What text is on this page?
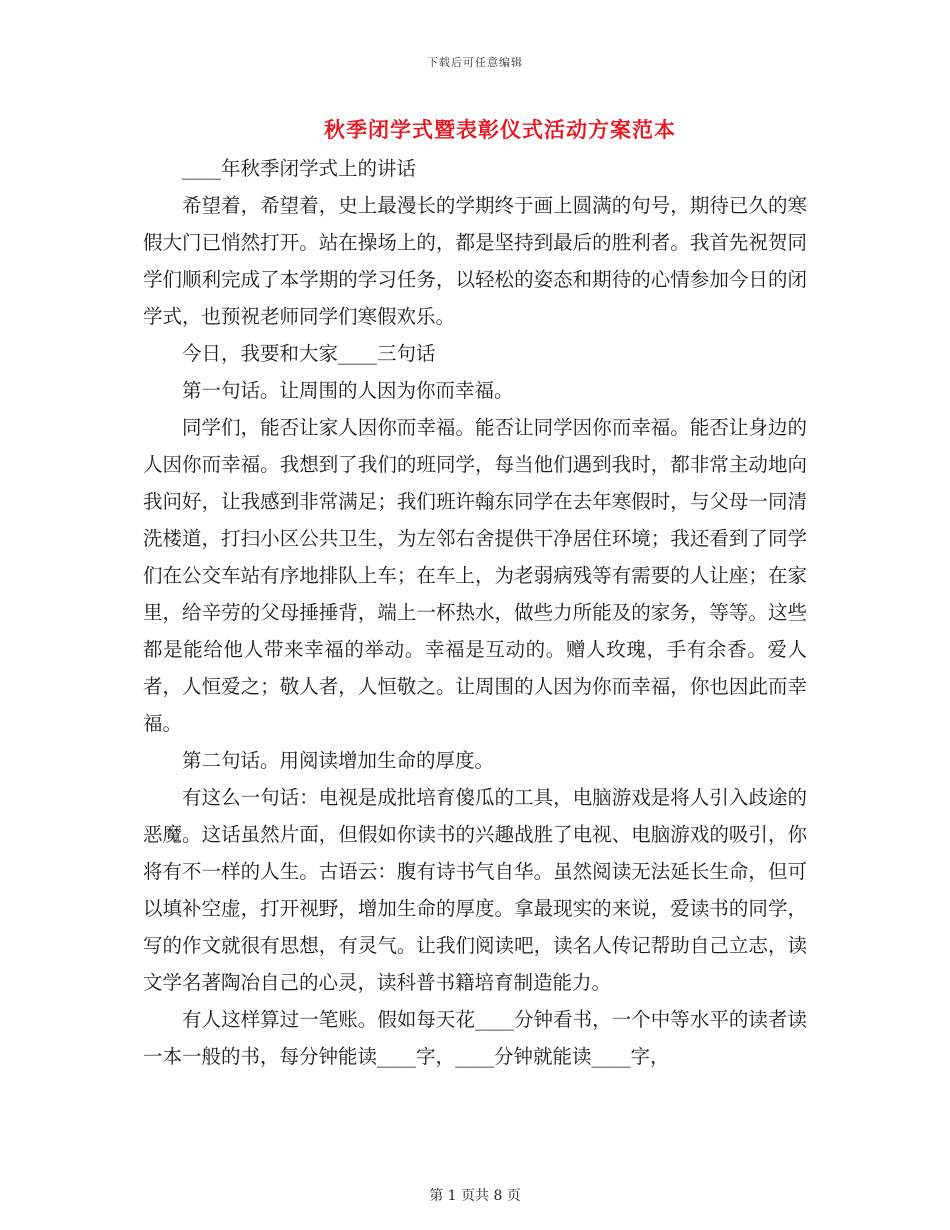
下载后可任意编辑
秋季闭学式暨表彰仪式活动方案范本

____年秋季闭学式上的讲话

希望着，希望着，史上最漫长的学期终于画上圆满的句号，期待已久的寒假大门已悄然打开。站在操场上的，都是坚持到最后的胜利者。我首先祝贺同学们顺利完成了本学期的学习任务，以轻松的姿态和期待的心情参加今日的闭学式，也预祝老师同学们寒假欢乐。

今日，我要和大家____三句话

第一句话。让周围的人因为你而幸福。

同学们，能否让家人因你而幸福。能否让同学因你而幸福。能否让身边的人因你而幸福。我想到了我们的班同学，每当他们遇到我时，都非常主动地向我问好，让我感到非常满足；我们班许翰东同学在去年寒假时，与父母一同清洗楼道，打扫小区公共卫生，为左邻右舍提供干净居住环境；我还看到了同学们在公交车站有序地排队上车；在车上，为老弱病残等有需要的人让座；在家里，给辛劳的父母捶捶背，端上一杯热水，做些力所能及的家务，等等。这些都是能给他人带来幸福的举动。幸福是互动的。赠人玫瑰，手有余香。爱人者，人恒爱之；敬人者，人恒敬之。让周围的人因为你而幸福，你也因此而幸福。

第二句话。用阅读增加生命的厚度。

有这么一句话：电视是成批培育傻瓜的工具，电脑游戏是将人引入歧途的恶魔。这话虽然片面，但假如你读书的兴趣战胜了电视、电脑游戏的吸引，你将有不一样的人生。古语云：腹有诗书气自华。虽然阅读无法延长生命，但可以填补空虚，打开视野，增加生命的厚度。拿最现实的来说，爱读书的同学，写的作文就很有思想，有灵气。让我们阅读吧，读名人传记帮助自己立志，读文学名著陶冶自己的心灵，读科普书籍培育制造能力。

有人这样算过一笔账。假如每天花____分钟看书，一个中等水平的读者读一本一般的书，每分钟能读____字，____分钟就能读____字，

第 1 页共 8 页
